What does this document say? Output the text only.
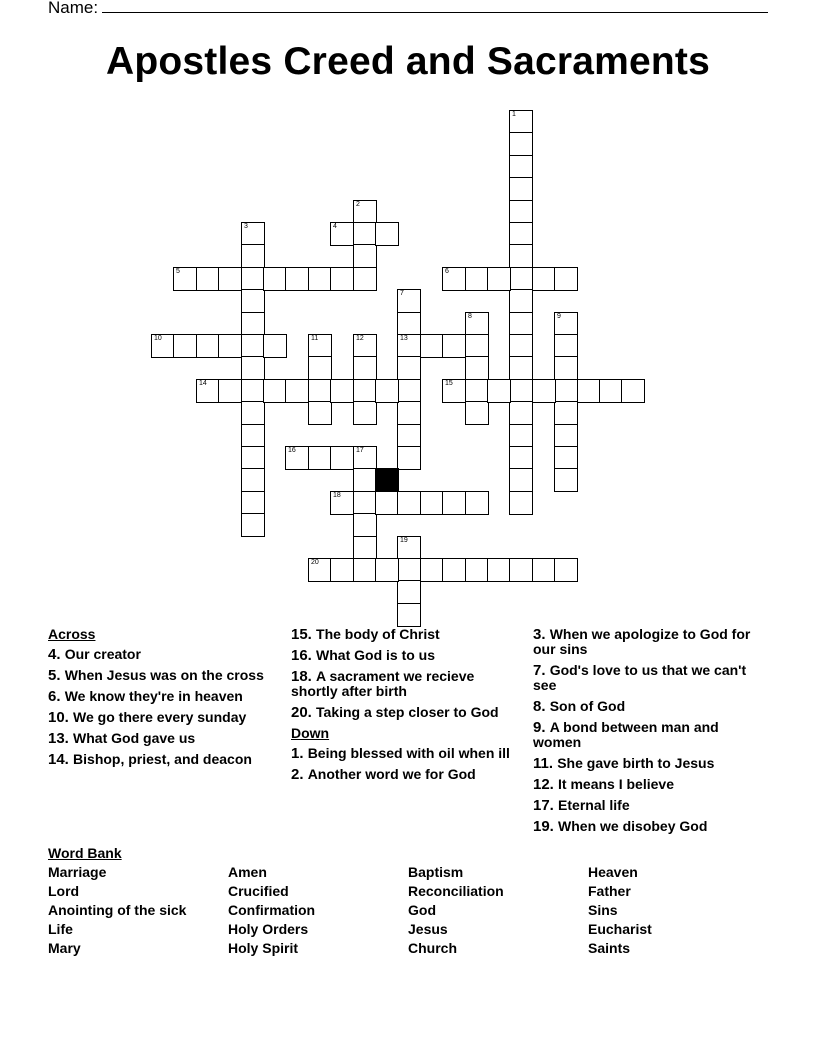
Name:
Apostles Creed and Sacraments
1
2
3	4
5	6
7
13
8	9
10	11	12
14	15
16	17
18
19
20
Across
4. Our creator
5. When Jesus was on the cross
6. We know they're in heaven
10. We go there every sunday
13. What God gave us
14. Bishop, priest, and deacon
15. The body of Christ
16. What God is to us
18. A sacrament we recieve shortly after birth
20. Taking a step closer to God
Down
1. Being blessed with oil when ill
2. Another word we for God
3. When we apologize to God for our sins
7. God's love to us that we can't see
8. Son of God
9. A bond between man and women
11. She gave birth to Jesus
12. It means I believe
17. Eternal life
19. When we disobey God
Word Bank
Marriage	Amen	Baptism	Heaven
Lord	Crucified	Reconciliation	Father
Anointing of the sick	Confirmation	God	Sins
Life	Holy Orders	Jesus	Eucharist
Mary	Holy Spirit	Church	Saints
